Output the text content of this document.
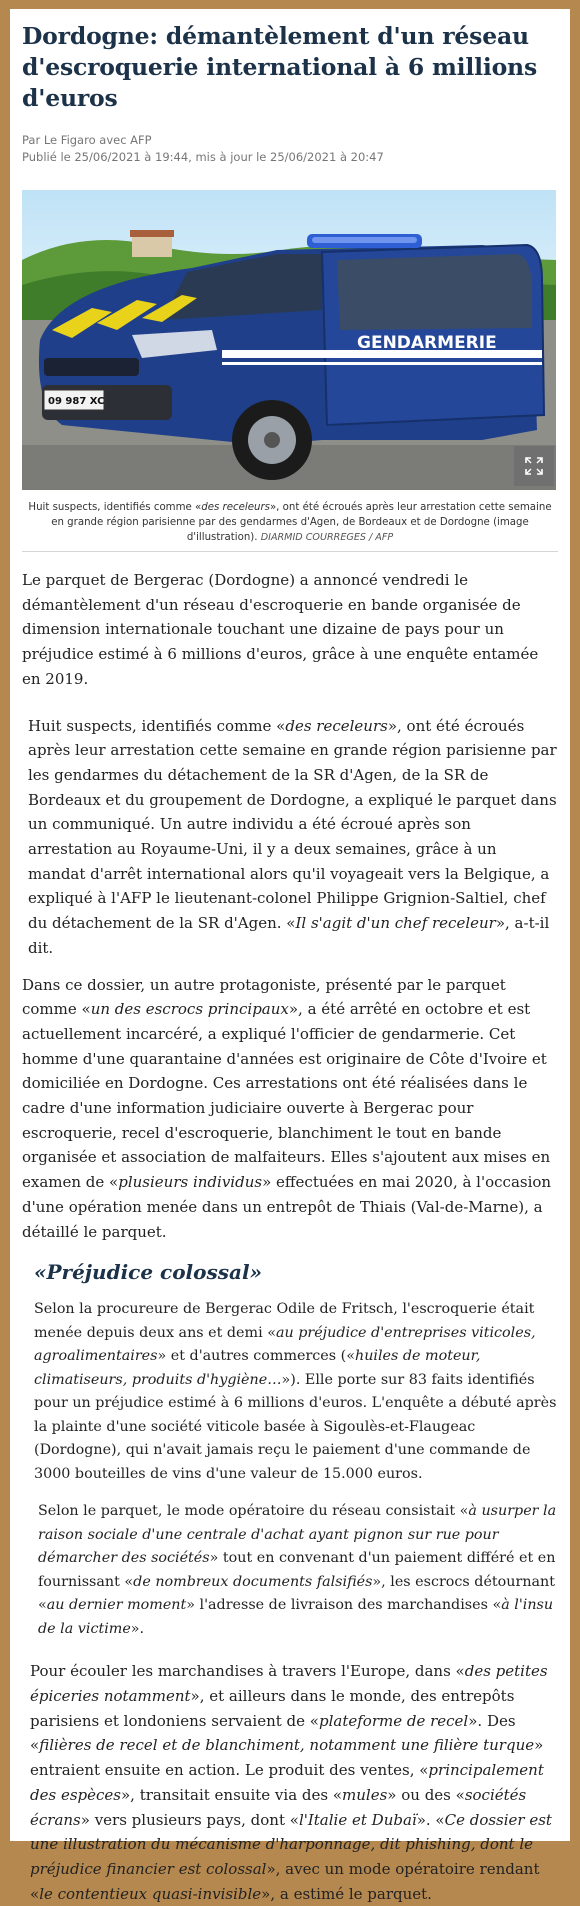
Dordogne: démantèlement d'un réseau d'escroquerie international à 6 millions d'euros
Par Le Figaro avec AFP
Publié le 25/06/2021 à 19:44, mis à jour le 25/06/2021 à 20:47
09 987 XC
GENDARMERIE
Huit suspects, identifiés comme «des receleurs», ont été écroués après leur arrestation cette semaine en grande région parisienne par des gendarmes d'Agen, de Bordeaux et de Dordogne (image d'illustration). DIARMID COURREGES / AFP

Le parquet de Bergerac (Dordogne) a annoncé vendredi le démantèlement d'un réseau d'escroquerie en bande organisée de dimension internationale touchant une dizaine de pays pour un préjudice estimé à 6 millions d'euros, grâce à une enquête entamée en 2019.

Huit suspects, identifiés comme «des receleurs», ont été écroués après leur arrestation cette semaine en grande région parisienne par les gendarmes du détachement de la SR d'Agen, de la SR de Bordeaux et du groupement de Dordogne, a expliqué le parquet dans un communiqué. Un autre individu a été écroué après son arrestation au Royaume-Uni, il y a deux semaines, grâce à un mandat d'arrêt international alors qu'il voyageait vers la Belgique, a expliqué à l'AFP le lieutenant-colonel Philippe Grignion-Saltiel, chef du détachement de la SR d'Agen. «Il s'agit d'un chef receleur», a-t-il dit.

Dans ce dossier, un autre protagoniste, présenté par le parquet comme «un des escrocs principaux», a été arrêté en octobre et est actuellement incarcéré, a expliqué l'officier de gendarmerie. Cet homme d'une quarantaine d'années est originaire de Côte d'Ivoire et domiciliée en Dordogne. Ces arrestations ont été réalisées dans le cadre d'une information judiciaire ouverte à Bergerac pour escroquerie, recel d'escroquerie, blanchiment le tout en bande organisée et association de malfaiteurs. Elles s'ajoutent aux mises en examen de «plusieurs individus» effectuées en mai 2020, à l'occasion d'une opération menée dans un entrepôt de Thiais (Val-de-Marne), a détaillé le parquet.

«Préjudice colossal»

Selon la procureure de Bergerac Odile de Fritsch, l'escroquerie était menée depuis deux ans et demi «au préjudice d'entreprises viticoles, agroalimentaires» et d'autres commerces («huiles de moteur, climatiseurs, produits d'hygiène…»). Elle porte sur 83 faits identifiés pour un préjudice estimé à 6 millions d'euros. L'enquête a débuté après la plainte d'une société viticole basée à Sigoulès-et-Flaugeac (Dordogne), qui n'avait jamais reçu le paiement d'une commande de 3000 bouteilles de vins d'une valeur de 15.000 euros.

Selon le parquet, le mode opératoire du réseau consistait «à usurper la raison sociale d'une centrale d'achat ayant pignon sur rue pour démarcher des sociétés» tout en convenant d'un paiement différé et en fournissant «de nombreux documents falsifiés», les escrocs détournant «au dernier moment» l'adresse de livraison des marchandises «à l'insu de la victime».

Pour écouler les marchandises à travers l'Europe, dans «des petites épiceries notamment», et ailleurs dans le monde, des entrepôts parisiens et londoniens servaient de «plateforme de recel». Des «filières de recel et de blanchiment, notamment une filière turque» entraient ensuite en action. Le produit des ventes, «principalement des espèces», transitait ensuite via des «mules» ou des «sociétés écrans» vers plusieurs pays, dont «l'Italie et Dubaï». «Ce dossier est une illustration du mécanisme d'harponnage, dit phishing, dont le préjudice financier est colossal», avec un mode opératoire rendant «le contentieux quasi-invisible», a estimé le parquet.
